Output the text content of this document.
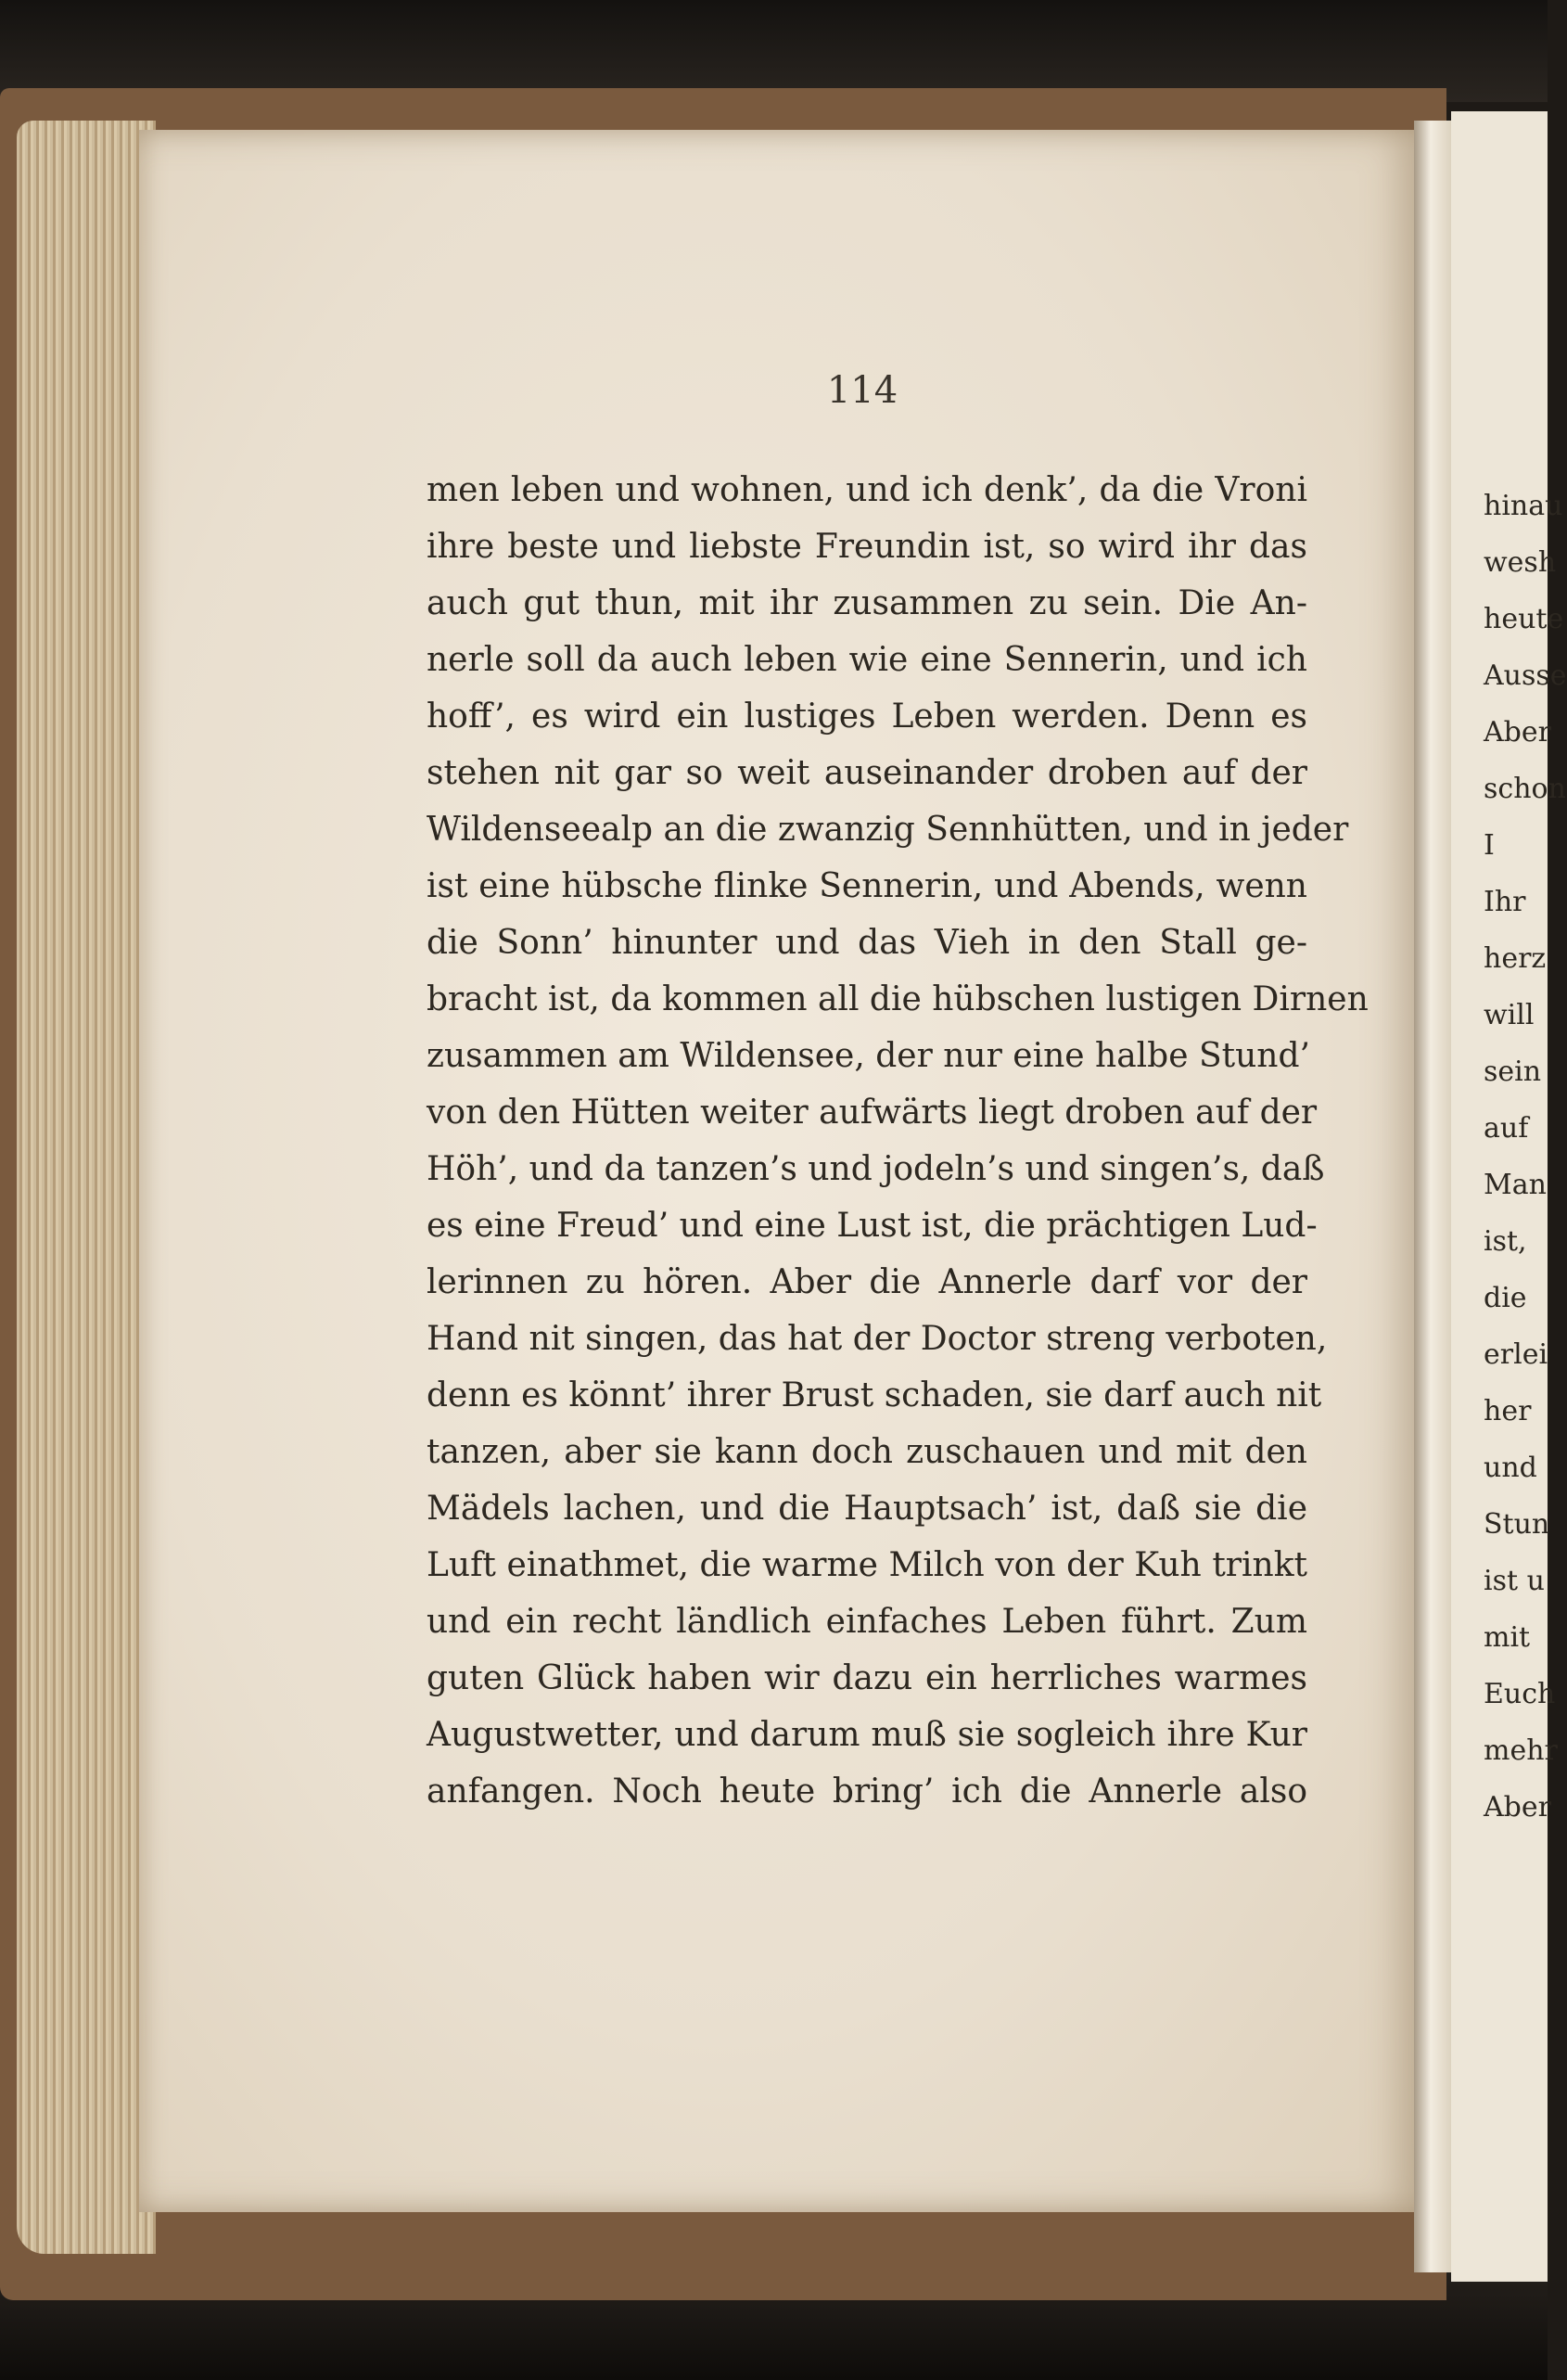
114
men leben und wohnen, und ich denk’, da die Vroni
ihre beste und liebste Freundin ist, so wird ihr das
auch gut thun, mit ihr zusammen zu sein. Die An-
nerle soll da auch leben wie eine Sennerin, und ich
hoff’, es wird ein lustiges Leben werden. Denn es
stehen nit gar so weit auseinander droben auf der
Wildenseealp an die zwanzig Sennhütten, und in jeder
ist eine hübsche flinke Sennerin, und Abends, wenn
die Sonn’ hinunter und das Vieh in den Stall ge-
bracht ist, da kommen all die hübschen lustigen Dirnen
zusammen am Wildensee, der nur eine halbe Stund’
von den Hütten weiter aufwärts liegt droben auf der
Höh’, und da tanzen’s und jodeln’s und singen’s, daß
es eine Freud’ und eine Lust ist, die prächtigen Lud-
lerinnen zu hören. Aber die Annerle darf vor der
Hand nit singen, das hat der Doctor streng verboten,
denn es könnt’ ihrer Brust schaden, sie darf auch nit
tanzen, aber sie kann doch zuschauen und mit den
Mädels lachen, und die Hauptsach’ ist, daß sie die
Luft einathmet, die warme Milch von der Kuh trinkt
und ein recht ländlich einfaches Leben führt. Zum
guten Glück haben wir dazu ein herrliches warmes
Augustwetter, und darum muß sie sogleich ihre Kur
anfangen. Noch heute bring’ ich die Annerle also
hinau
wesh
heute
Ausse
Aber
schon
I
Ihr
herz
will
sein
auf
Man
ist,
die
erlei
her
und
Stun
ist u
mit
Euch
mehr
Aber
